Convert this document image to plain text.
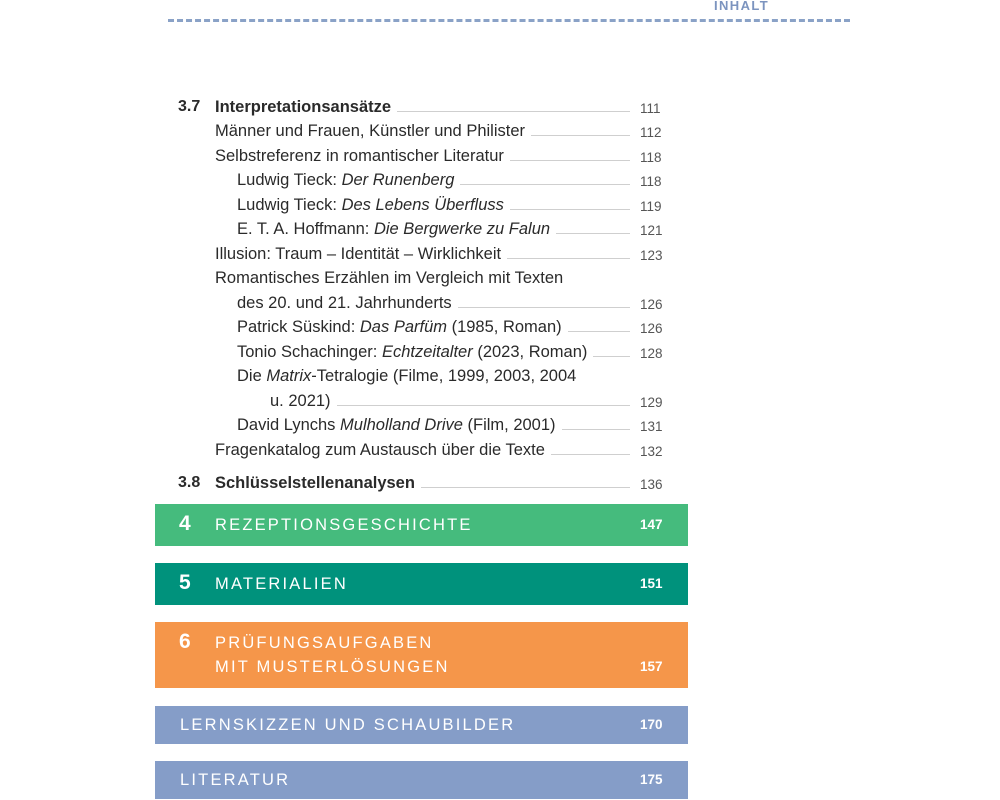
INHALT
3.7 Interpretationsansätze	111
Männer und Frauen, Künstler und Philister	112
Selbstreferenz in romantischer Literatur	118
Ludwig Tieck: Der Runenberg	118
Ludwig Tieck: Des Lebens Überfluss	119
E. T. A. Hoffmann: Die Bergwerke zu Falun	121
Illusion: Traum – Identität – Wirklichkeit	123
Romantisches Erzählen im Vergleich mit Texten
des 20. und 21. Jahrhunderts	126
Patrick Süskind: Das Parfüm (1985, Roman)	126
Tonio Schachinger: Echtzeitalter (2023, Roman)	128
Die Matrix-Tetralogie (Filme, 1999, 2003, 2004
u. 2021)	129
David Lynchs Mulholland Drive (Film, 2001)	131
Fragenkatalog zum Austausch über die Texte	132
3.8 Schlüsselstellenanalysen	136
4 REZEPTIONSGESCHICHTE	147
5 MATERIALIEN	151
6 PRÜFUNGSAUFGABEN
MIT MUSTERLÖSUNGEN	157
LERNSKIZZEN UND SCHAUBILDER	170
LITERATUR	175
